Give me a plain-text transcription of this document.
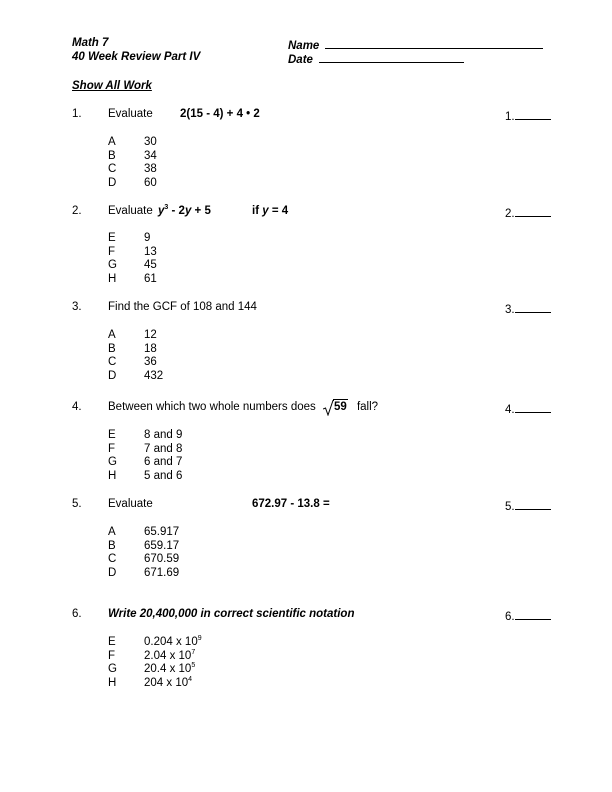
Math 7
40 Week Review Part IV
Name
Date
Show All Work
1. Evaluate 2(15 - 4) + 4 • 2	1.
A 30
B 34
C 38
D 60
2. Evaluate $y^3 - 2y + 5$	if y = 4	2.
E 9
F	13
G 45
H 61
3. Find the GCF of 108 and 144	3.
A 12
B 18
C 36
D 432
4. Between which two whole numbers does 59 fall?	4.
E 8 and 9
F	7 and 8
G 6 and 7
H 5 and 6
5. Evaluate	672.97 - 13.8 =	5.
A 65.917
B 659.17
C 670.59
D 671.69
6. Write 20,400,000 in correct scientific notation	6.
E 0.204 x $10^9$
F	2.04 x $10^7$
G 20.4 x $10^5$
H 204 x $10^4$
